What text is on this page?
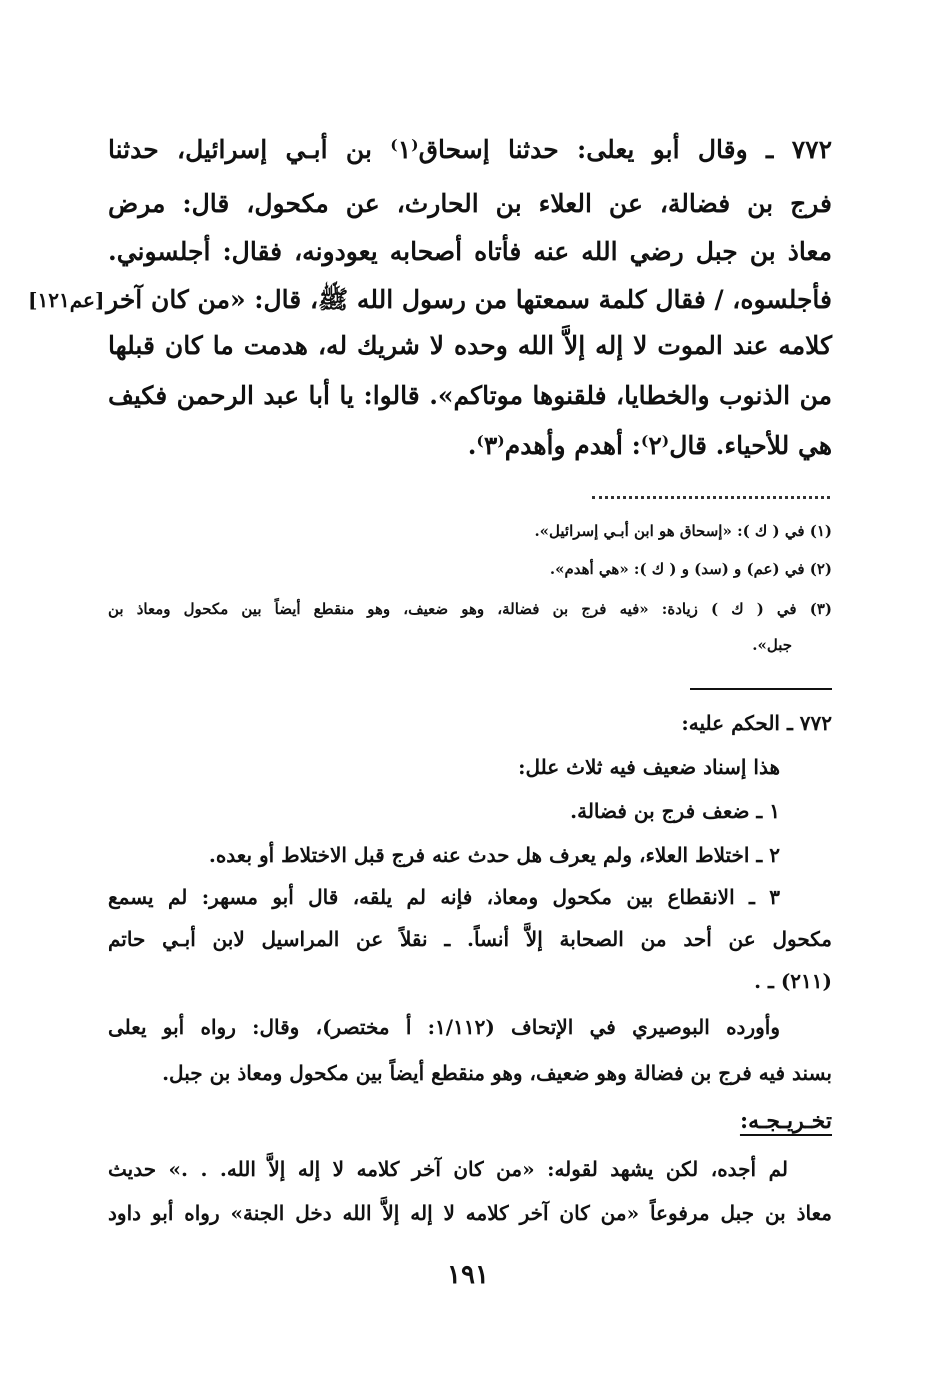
٧٧٢ ـ وقال أبو يعلى: حدثنا إسحاق⁽١⁾ بن أبـي إسرائيل، حدثنا
فرج بن فضالة، عن العلاء بن الحارث، عن مكحول، قال: مرض
معاذ بن جبل رضي الله عنه فأتاه أصحابه يعودونه، فقال: أجلسوني.
فأجلسوه، / فقال كلمة سمعتها من رسول الله ﷺ، قال: «من كان آخر
[عم١٢١]
كلامه عند الموت لا إله إلاَّ الله وحده لا شريك له، هدمت ما كان قبلها
من الذنوب والخطايا، فلقنوها موتاكم». قالوا: يا أبا عبد الرحمن فكيف
هي للأحياء. قال⁽٢⁾: أهدم وأهدم⁽٣⁾.
(١) في ( ك ): «إسحاق هو ابن أبـي إسرائيل».
(٢) في (عم) و (سد) و ( ك ): «هي أهدم».
(٣) في ( ك ) زيادة: «فيه فرج بن فضالة، وهو ضعيف، وهو منقطع أيضاً بين مكحول ومعاذ بن
جبل».
٧٧٢ ـ الحكم عليه:
هذا إسناد ضعيف فيه ثلاث علل:
١ ـ ضعف فرج بن فضالة.
٢ ـ اختلاط العلاء، ولم يعرف هل حدث عنه فرج قبل الاختلاط أو بعده.
٣ ـ الانقطاع بين مكحول ومعاذ، فإنه لم يلقه، قال أبو مسهر: لم يسمع
مكحول عن أحد من الصحابة إلاَّ أنساً. ـ نقلاً عن المراسيل لابن أبـي حاتم
(٢١١) ـ .
وأورده البوصيري في الإتحاف (١/١١٢: أ مختصر)، وقال: رواه أبو يعلى
بسند فيه فرج بن فضالة وهو ضعيف، وهو منقطع أيضاً بين مكحول ومعاذ بن جبل.
تخـريـجـه:
لم أجده، لكن يشهد لقوله: «من كان آخر كلامه لا إله إلاَّ الله. . .» حديث
معاذ بن جبل مرفوعاً «من كان آخر كلامه لا إله إلاَّ الله دخل الجنة» رواه أبو داود
١٩١
